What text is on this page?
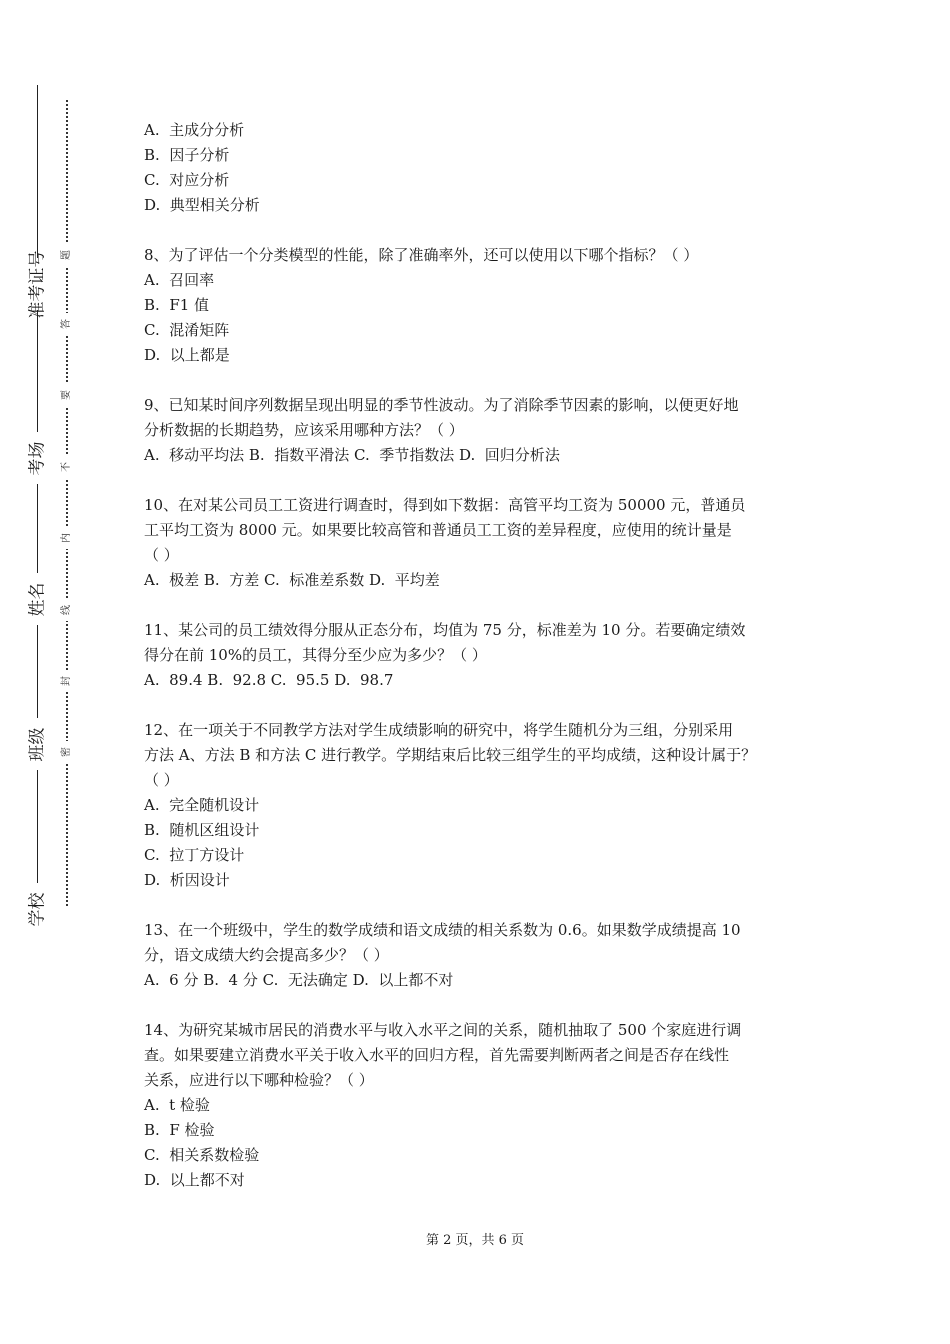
准考证号
考场
姓名
班级
学校
题
答
要
不
内
线
封
密
A.  主成分分析
B.  因子分析
C.  对应分析
D.  典型相关分析
8、为了评估一个分类模型的性能，除了准确率外，还可以使用以下哪个指标？（ ）
A.  召回率
B.  F1 值
C.  混淆矩阵
D.  以上都是
9、已知某时间序列数据呈现出明显的季节性波动。为了消除季节因素的影响，以便更好地
分析数据的长期趋势，应该采用哪种方法？（ ）
A.  移动平均法 B.  指数平滑法 C.  季节指数法 D.  回归分析法
10、在对某公司员工工资进行调查时，得到如下数据：高管平均工资为 50000 元，普通员
工平均工资为 8000 元。如果要比较高管和普通员工工资的差异程度，应使用的统计量是
（ ）
A.  极差 B.  方差 C.  标准差系数 D.  平均差
11、某公司的员工绩效得分服从正态分布，均值为 75 分，标准差为 10 分。若要确定绩效
得分在前 10%的员工，其得分至少应为多少？（ ）
A.  89.4 B.  92.8 C.  95.5 D.  98.7
12、在一项关于不同教学方法对学生成绩影响的研究中，将学生随机分为三组，分别采用
方法 A、方法 B 和方法 C 进行教学。学期结束后比较三组学生的平均成绩，这种设计属于？
（ ）
A.  完全随机设计
B.  随机区组设计
C.  拉丁方设计
D.  析因设计
13、在一个班级中，学生的数学成绩和语文成绩的相关系数为 0.6。如果数学成绩提高 10
分，语文成绩大约会提高多少？（ ）
A.  6 分 B.  4 分 C.  无法确定 D.  以上都不对
14、为研究某城市居民的消费水平与收入水平之间的关系，随机抽取了 500 个家庭进行调
查。如果要建立消费水平关于收入水平的回归方程，首先需要判断两者之间是否存在线性
关系，应进行以下哪种检验？（ ）
A.  t 检验
B.  F 检验
C.  相关系数检验
D.  以上都不对
第 2 页，共 6 页
